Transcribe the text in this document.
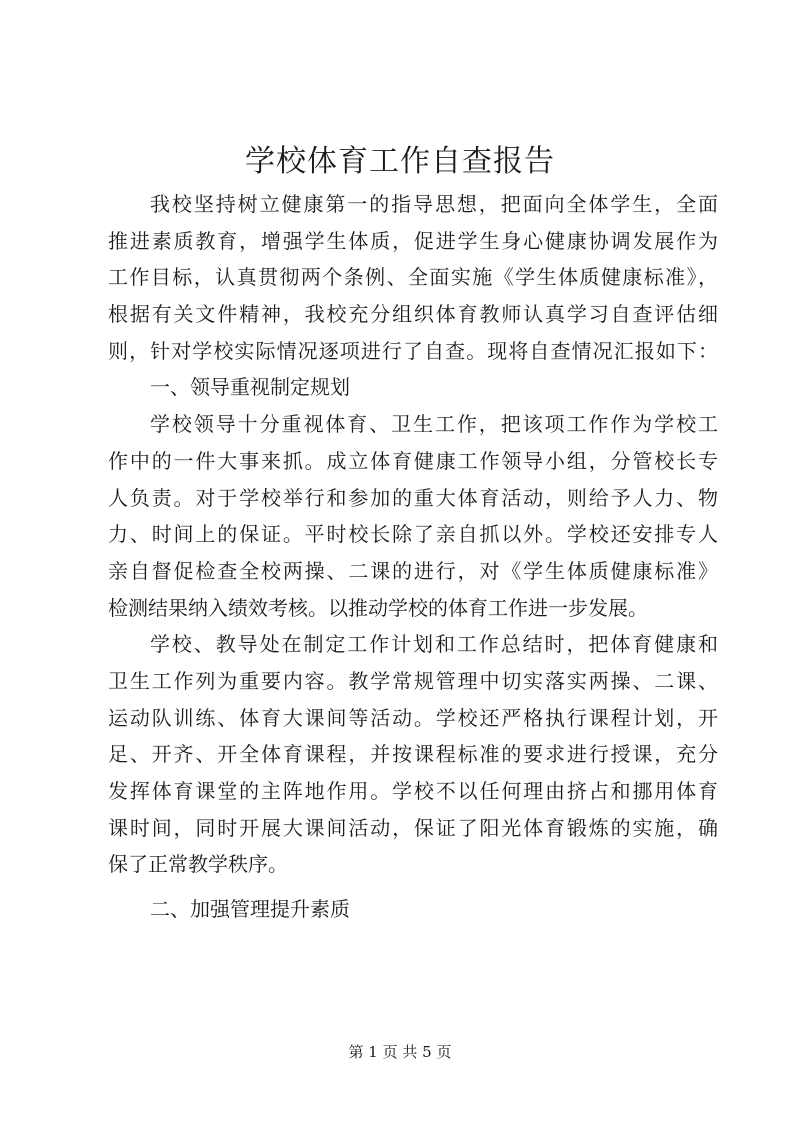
学校体育工作自查报告
我校坚持树立健康第一的指导思想，把面向全体学生，全面
推进素质教育，增强学生体质，促进学生身心健康协调发展作为
工作目标，认真贯彻两个条例、全面实施《学生体质健康标准》，
根据有关文件精神，我校充分组织体育教师认真学习自查评估细
则，针对学校实际情况逐项进行了自查。现将自查情况汇报如下：
一、领导重视制定规划
学校领导十分重视体育、卫生工作，把该项工作作为学校工
作中的一件大事来抓。成立体育健康工作领导小组，分管校长专
人负责。对于学校举行和参加的重大体育活动，则给予人力、物
力、时间上的保证。平时校长除了亲自抓以外。学校还安排专人
亲自督促检查全校两操、二课的进行，对《学生体质健康标准》
检测结果纳入绩效考核。以推动学校的体育工作进一步发展。
学校、教导处在制定工作计划和工作总结时，把体育健康和
卫生工作列为重要内容。教学常规管理中切实落实两操、二课、
运动队训练、体育大课间等活动。学校还严格执行课程计划，开
足、开齐、开全体育课程，并按课程标准的要求进行授课，充分
发挥体育课堂的主阵地作用。学校不以任何理由挤占和挪用体育
课时间，同时开展大课间活动，保证了阳光体育锻炼的实施，确
保了正常教学秩序。
二、加强管理提升素质
第 1 页 共 5 页
